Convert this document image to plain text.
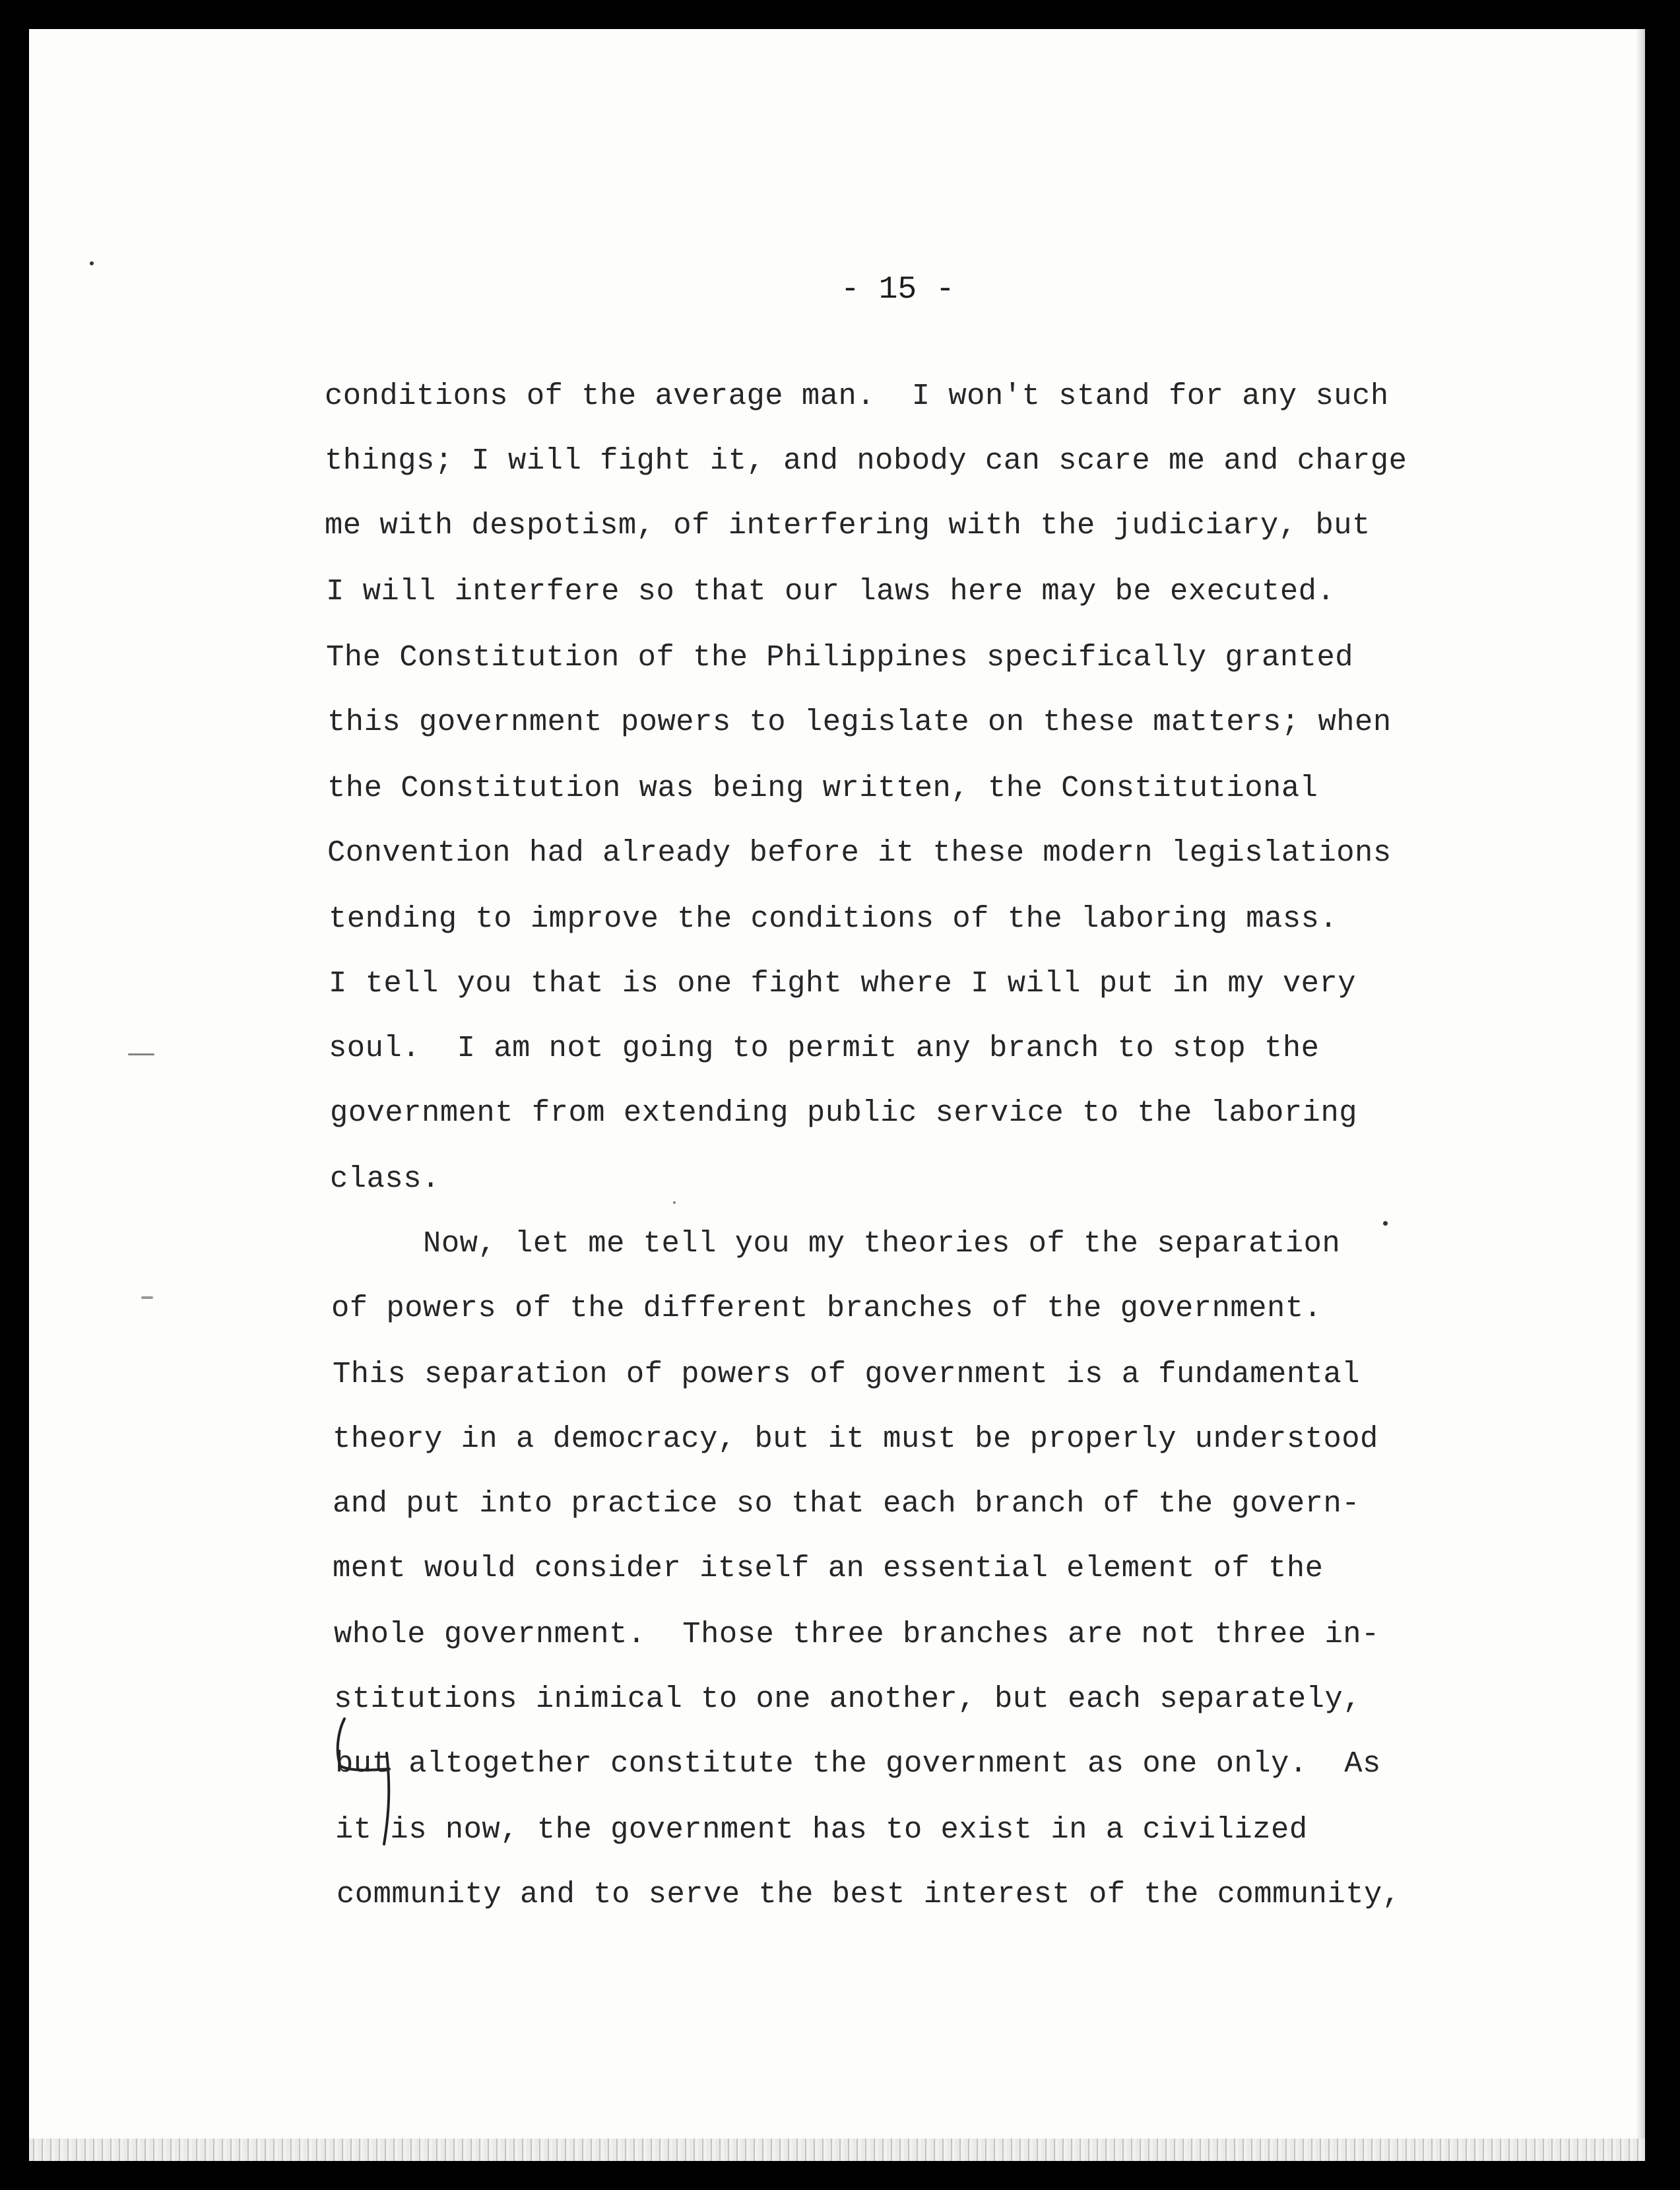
- 15 -
conditions of the average man.  I won't stand for any such
things; I will fight it, and nobody can scare me and charge
me with despotism, of interfering with the judiciary, but
I will interfere so that our laws here may be executed.
The Constitution of the Philippines specifically granted
this government powers to legislate on these matters; when
the Constitution was being written, the Constitutional
Convention had already before it these modern legislations
tending to improve the conditions of the laboring mass.
I tell you that is one fight where I will put in my very
soul.  I am not going to permit any branch to stop the
government from extending public service to the laboring
class.
Now, let me tell you my theories of the separation
of powers of the different branches of the government.
This separation of powers of government is a fundamental
theory in a democracy, but it must be properly understood
and put into practice so that each branch of the govern-
ment would consider itself an essential element of the
whole government.  Those three branches are not three in-
stitutions inimical to one another, but each separately,
but altogether constitute the government as one only.  As
it is now, the government has to exist in a civilized
community and to serve the best interest of the community,
